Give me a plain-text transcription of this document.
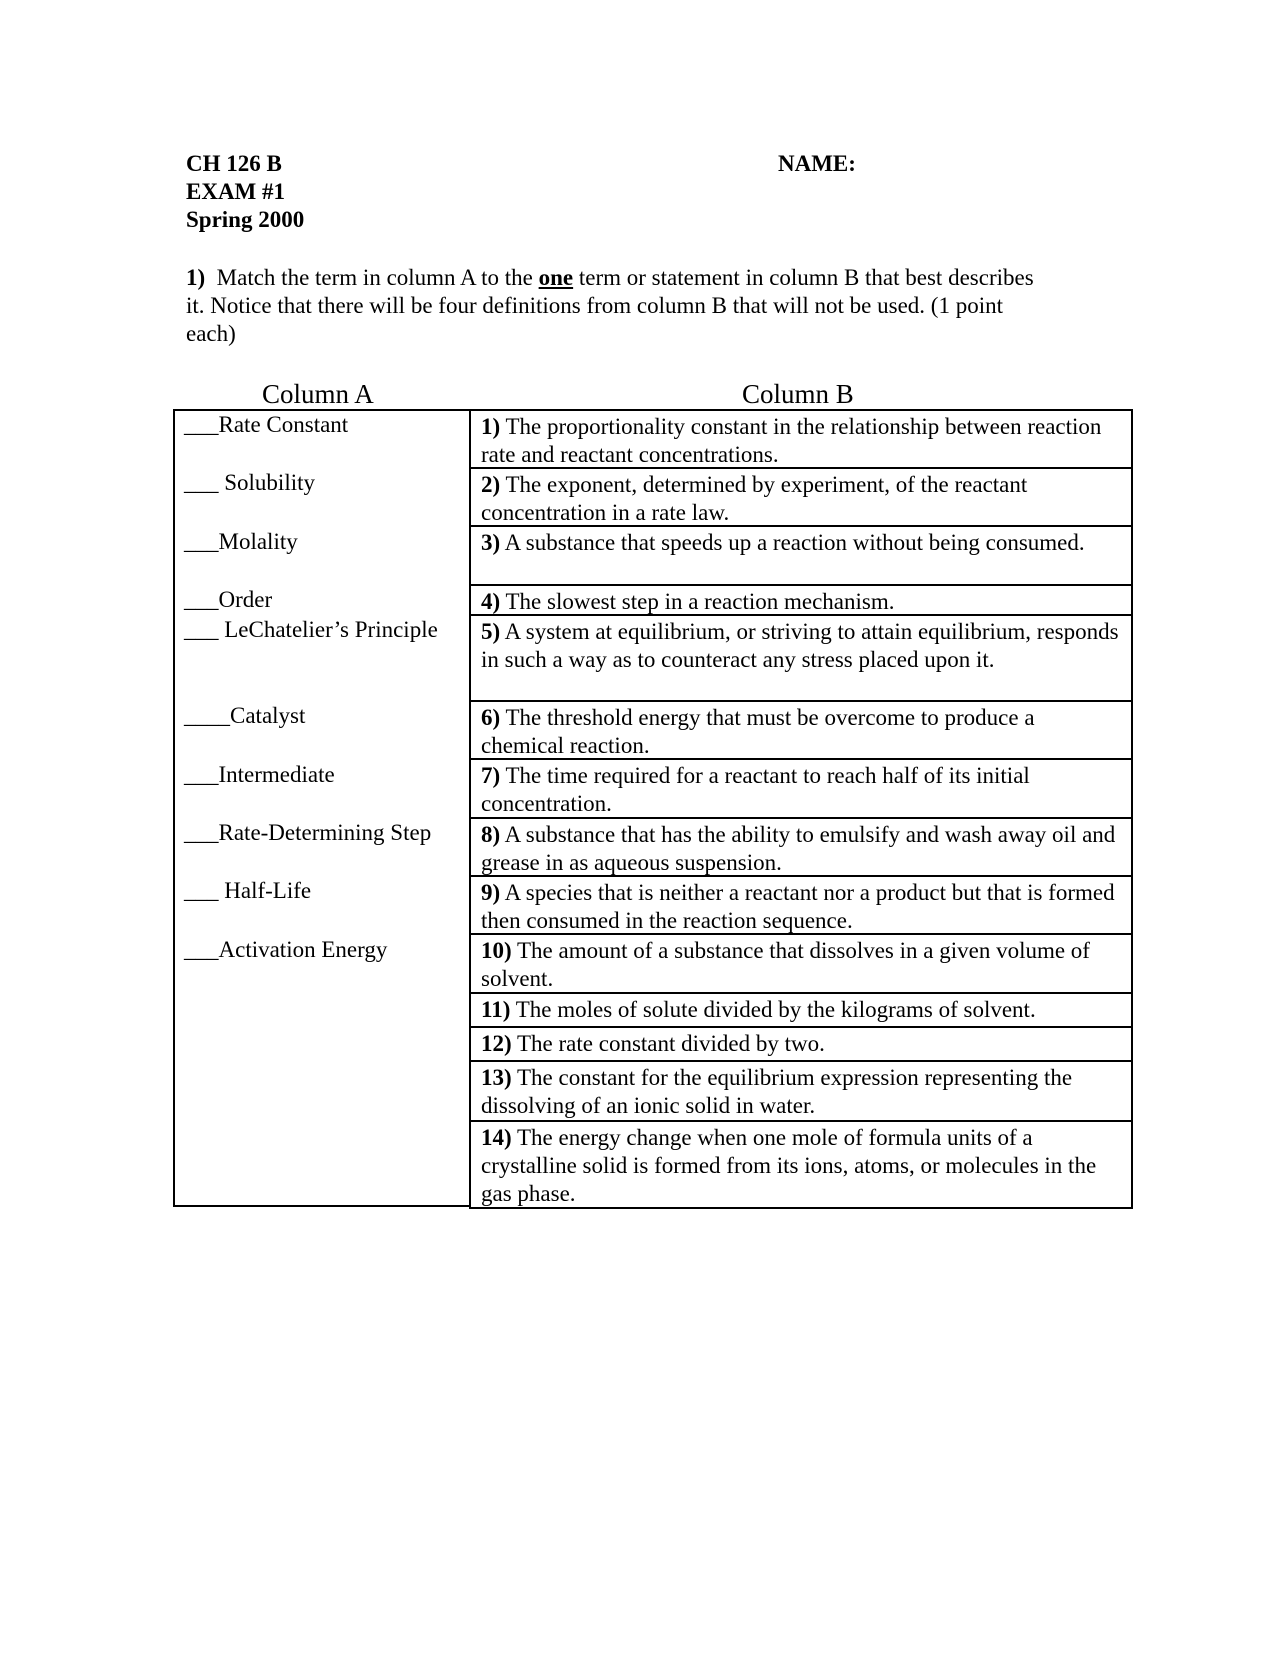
CH 126 B
EXAM #1
Spring 2000
NAME:
1) Match the term in column A to the one term or statement in column B that best describes it. Notice that there will be four definitions from column B that will not be used. (1 point each)
Column A	Column B
___Rate Constant
___ Solubility
___Molality
___Order
___ LeChatelier’s Principle
____Catalyst
___Intermediate
___Rate-Determining Step
___ Half-Life
___Activation Energy
1) The proportionality constant in the relationship between reaction rate and reactant concentrations.
2) The exponent, determined by experiment, of the reactant concentration in a rate law.
3) A substance that speeds up a reaction without being consumed.
4) The slowest step in a reaction mechanism.
5) A system at equilibrium, or striving to attain equilibrium, responds in such a way as to counteract any stress placed upon it.
6) The threshold energy that must be overcome to produce a chemical reaction.
7) The time required for a reactant to reach half of its initial concentration.
8) A substance that has the ability to emulsify and wash away oil and grease in as aqueous suspension.
9) A species that is neither a reactant nor a product but that is formed then consumed in the reaction sequence.
10) The amount of a substance that dissolves in a given volume of solvent.
11) The moles of solute divided by the kilograms of solvent.
12) The rate constant divided by two.
13) The constant for the equilibrium expression representing the dissolving of an ionic solid in water.
14) The energy change when one mole of formula units of a crystalline solid is formed from its ions, atoms, or molecules in the gas phase.
